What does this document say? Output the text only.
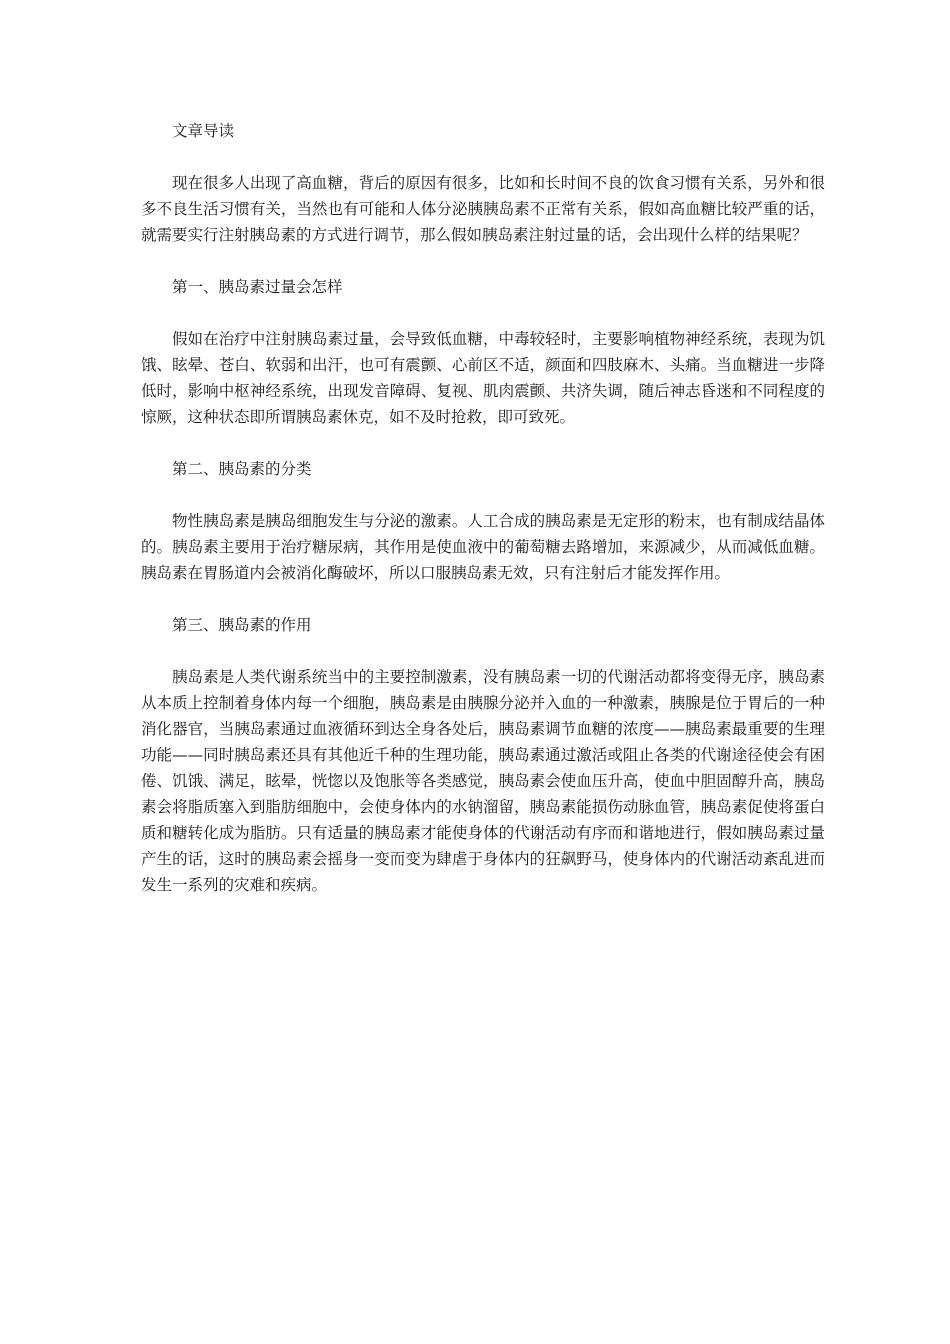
文章导读

现在很多人出现了高血糖，背后的原因有很多，比如和长时间不良的饮食习惯有关系，另外和很多不良生活习惯有关，当然也有可能和人体分泌胰胰岛素不正常有关系，假如高血糖比较严重的话，就需要实行注射胰岛素的方式进行调节，那么假如胰岛素注射过量的话，会出现什么样的结果呢？

第一、胰岛素过量会怎样

假如在治疗中注射胰岛素过量，会导致低血糖，中毒较轻时，主要影响植物神经系统，表现为饥饿、眩晕、苍白、软弱和出汗，也可有震颤、心前区不适，颜面和四肢麻木、头痛。当血糖进一步降低时，影响中枢神经系统，出现发音障碍、复视、肌肉震颤、共济失调，随后神志昏迷和不同程度的惊厥，这种状态即所谓胰岛素休克，如不及时抢救，即可致死。

第二、胰岛素的分类

物性胰岛素是胰岛细胞发生与分泌的激素。人工合成的胰岛素是无定形的粉末，也有制成结晶体的。胰岛素主要用于治疗糖尿病，其作用是使血液中的葡萄糖去路增加，来源减少，从而减低血糖。胰岛素在胃肠道内会被消化酶破坏，所以口服胰岛素无效，只有注射后才能发挥作用。

第三、胰岛素的作用

胰岛素是人类代谢系统当中的主要控制激素，没有胰岛素一切的代谢活动都将变得无序，胰岛素从本质上控制着身体内每一个细胞，胰岛素是由胰腺分泌并入血的一种激素，胰腺是位于胃后的一种消化器官，当胰岛素通过血液循环到达全身各处后，胰岛素调节血糖的浓度——胰岛素最重要的生理功能——同时胰岛素还具有其他近千种的生理功能，胰岛素通过激活或阻止各类的代谢途径使会有困倦、饥饿、满足，眩晕，恍惚以及饱胀等各类感觉，胰岛素会使血压升高，使血中胆固醇升高，胰岛素会将脂质塞入到脂肪细胞中，会使身体内的水钠溜留，胰岛素能损伤动脉血管，胰岛素促使将蛋白质和糖转化成为脂肪。只有适量的胰岛素才能使身体的代谢活动有序而和谐地进行，假如胰岛素过量产生的话，这时的胰岛素会摇身一变而变为肆虐于身体内的狂飙野马，使身体内的代谢活动紊乱进而发生一系列的灾难和疾病。
